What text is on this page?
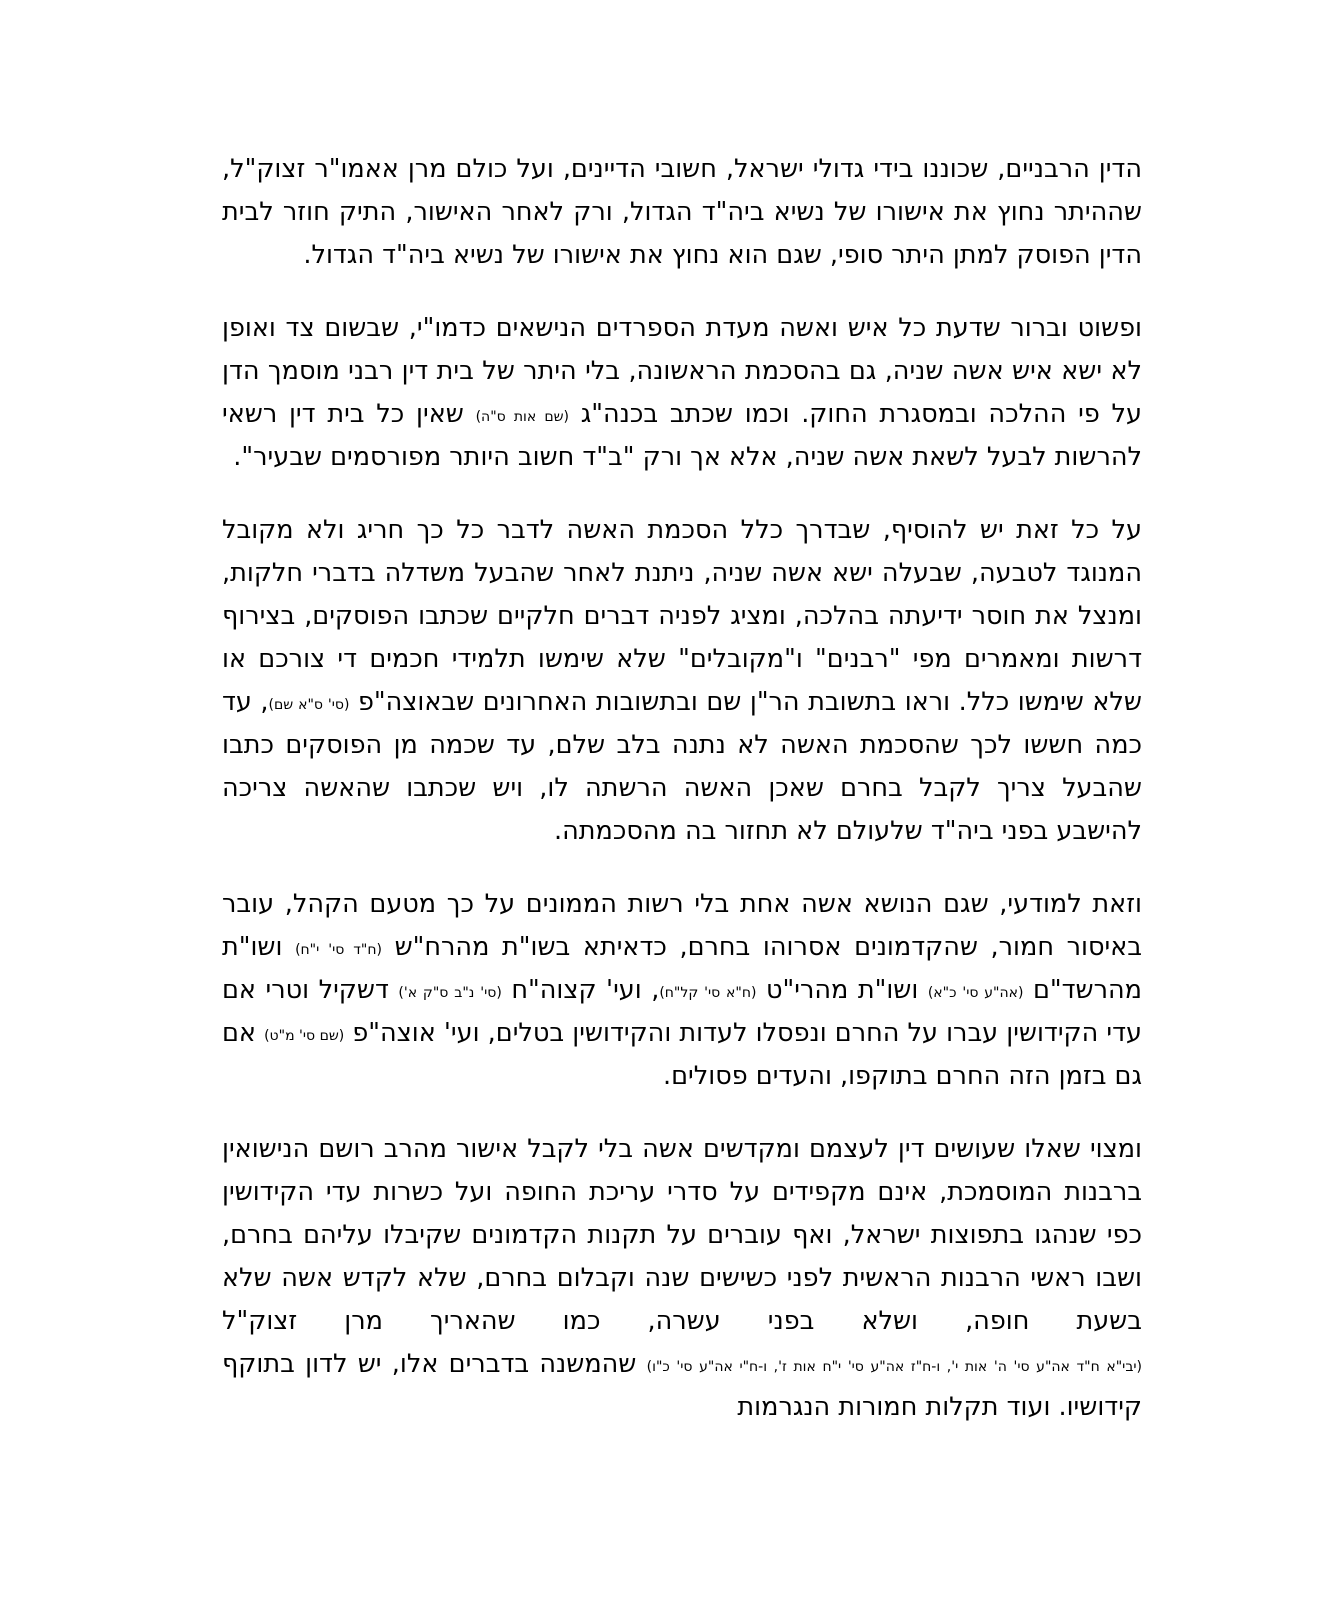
הדין הרבניים, שכוננו בידי גדולי ישראל, חשובי הדיינים, ועל כולם מרן אאמו"ר זצוק"ל, שההיתר נחוץ את אישורו של נשיא ביה"ד הגדול, ורק לאחר האישור, התיק חוזר לבית הדין הפוסק למתן היתר סופי, שגם הוא נחוץ את אישורו של נשיא ביה"ד הגדול.

ופשוט וברור שדעת כל איש ואשה מעדת הספרדים הנישאים כדמו"י, שבשום צד ואופן לא ישא איש אשה שניה, גם בהסכמת הראשונה, בלי היתר של בית דין רבני מוסמך הדן על פי ההלכה ובמסגרת החוק. וכמו שכתב בכנה"ג (שם אות ס"ה) שאין כל בית דין רשאי להרשות לבעל לשאת אשה שניה, אלא אך ורק "ב"ד חשוב היותר מפורסמים שבעיר".

על כל זאת יש להוסיף, שבדרך כלל הסכמת האשה לדבר כל כך חריג ולא מקובל המנוגד לטבעה, שבעלה ישא אשה שניה, ניתנת לאחר שהבעל משדלה בדברי חלקות, ומנצל את חוסר ידיעתה בהלכה, ומציג לפניה דברים חלקיים שכתבו הפוסקים, בצירוף דרשות ומאמרים מפי "רבנים" ו"מקובלים" שלא שימשו תלמידי חכמים די צורכם או שלא שימשו כלל. וראו בתשובת הר"ן שם ובתשובות האחרונים שבאוצה"פ (סי' ס"א שם), עד כמה חששו לכך שהסכמת האשה לא נתנה בלב שלם, עד שכמה מן הפוסקים כתבו שהבעל צריך לקבל בחרם שאכן האשה הרשתה לו, ויש שכתבו שהאשה צריכה להישבע בפני ביה"ד שלעולם לא תחזור בה מהסכמתה.

וזאת למודעי, שגם הנושא אשה אחת בלי רשות הממונים על כך מטעם הקהל, עובר באיסור חמור, שהקדמונים אסרוהו בחרם, כדאיתא בשו"ת מהרח"ש (ח"ד סי' י"ח) ושו"ת מהרשד"ם (אה"ע סי' כ"א) ושו"ת מהרי"ט (ח"א סי' קל"ח), ועי' קצוה"ח (סי' נ"ב ס"ק א') דשקיל וטרי אם עדי הקידושין עברו על החרם ונפסלו לעדות והקידושין בטלים, ועי' אוצה"פ (שם סי' מ"ט) אם גם בזמן הזה החרם בתוקפו, והעדים פסולים.

ומצוי שאלו שעושים דין לעצמם ומקדשים אשה בלי לקבל אישור מהרב רושם הנישואין ברבנות המוסמכת, אינם מקפידים על סדרי עריכת החופה ועל כשרות עדי הקידושין כפי שנהגו בתפוצות ישראל, ואף עוברים על תקנות הקדמונים שקיבלו עליהם בחרם, ושבו ראשי הרבנות הראשית לפני כשישים שנה וקבלום בחרם, שלא לקדש אשה שלא בשעת חופה, ושלא בפני עשרה, כמו שהאריך מרן זצוק"ל (יבי"א ח"ד אה"ע סי' ה' אות י', ו-ח"ז אה"ע סי' י"ח אות ז', ו-ח"י אה"ע סי' כ"ו) שהמשנה בדברים אלו, יש לדון בתוקף קידושיו. ועוד תקלות חמורות הנגרמות
